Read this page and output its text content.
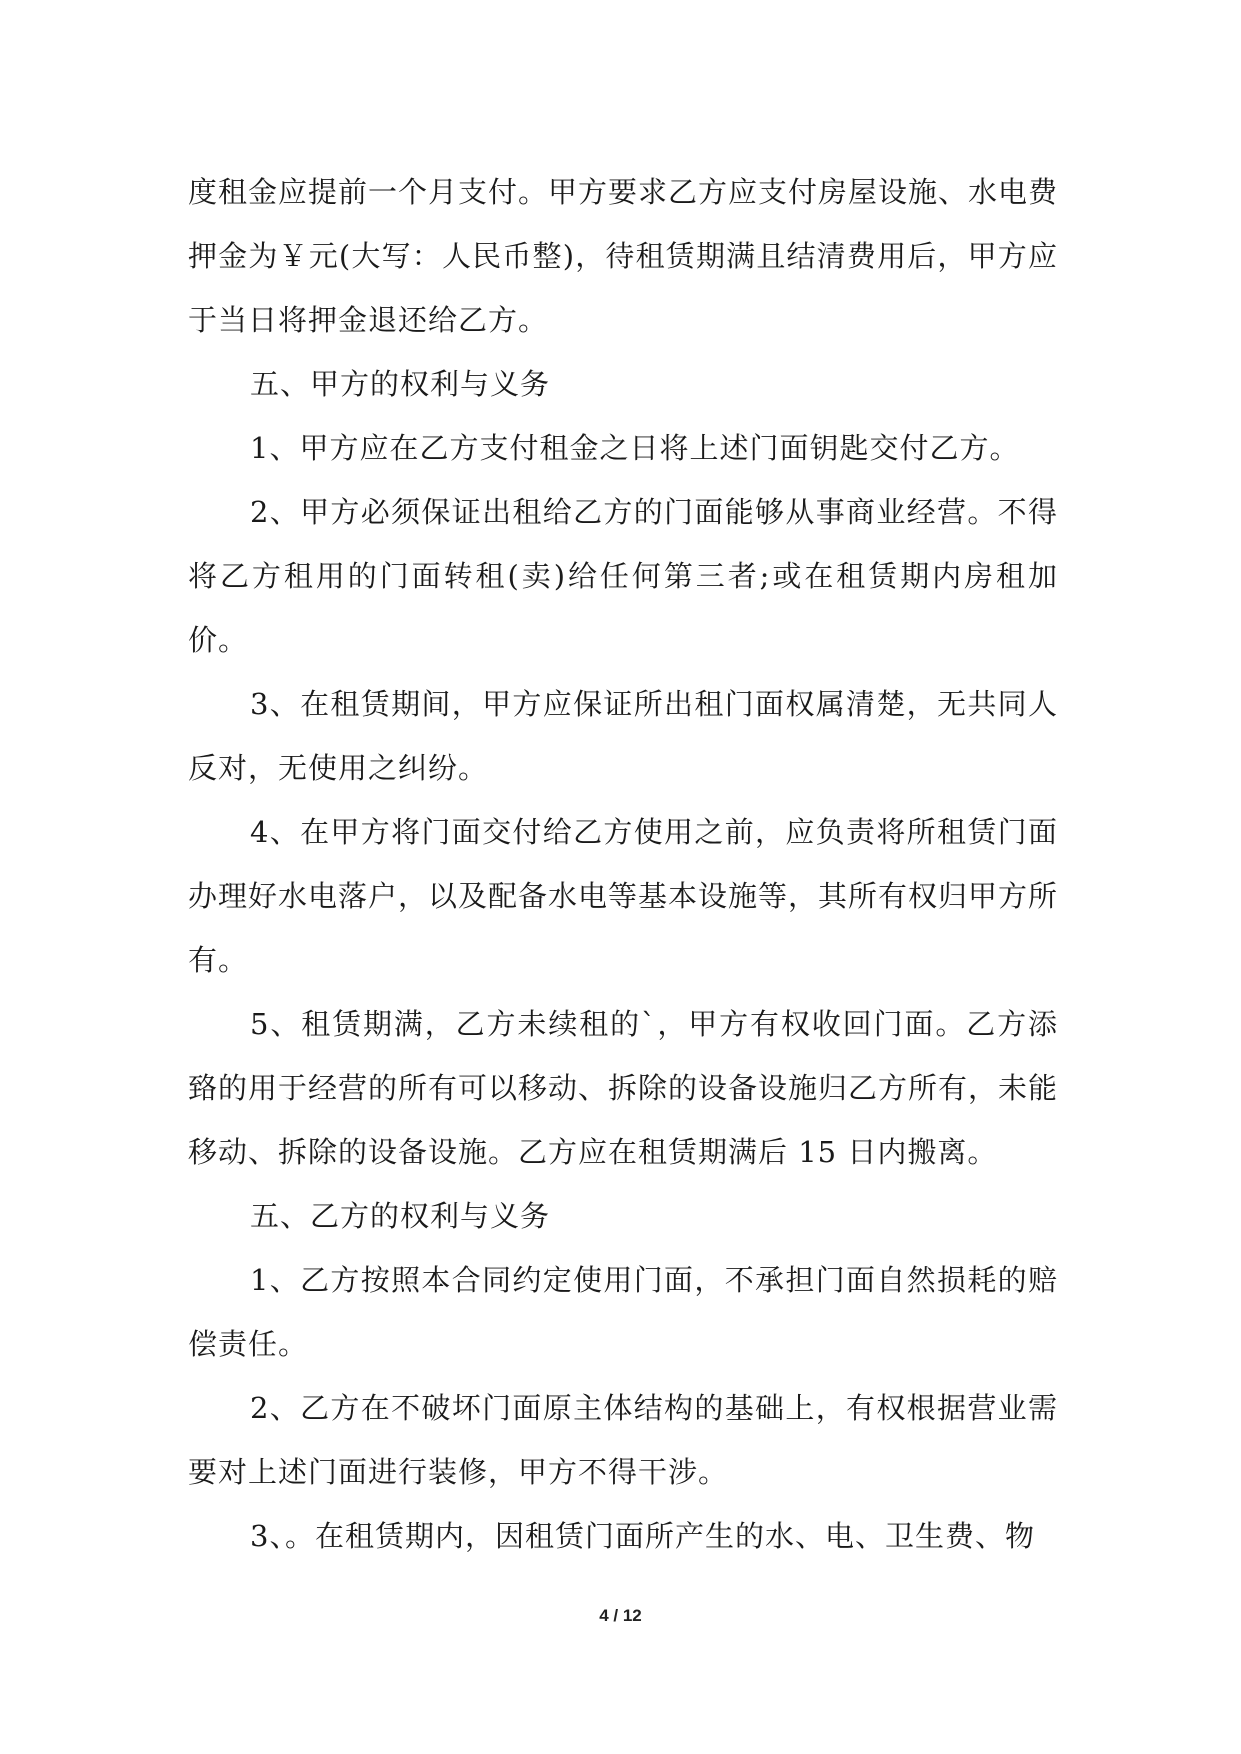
度租金应提前一个月支付。甲方要求乙方应支付房屋设施、水电费押金为￥元(大写：人民币整)，待租赁期满且结清费用后，甲方应于当日将押金退还给乙方。

五、甲方的权利与义务

1、甲方应在乙方支付租金之日将上述门面钥匙交付乙方。

2、甲方必须保证出租给乙方的门面能够从事商业经营。不得将乙方租用的门面转租(卖)给任何第三者;或在租赁期内房租加价。

3、在租赁期间，甲方应保证所出租门面权属清楚，无共同人反对，无使用之纠纷。

4、在甲方将门面交付给乙方使用之前，应负责将所租赁门面办理好水电落户，以及配备水电等基本设施等，其所有权归甲方所有。

5、租赁期满，乙方未续租的`，甲方有权收回门面。乙方添臵的用于经营的所有可以移动、拆除的设备设施归乙方所有，未能移动、拆除的设备设施。乙方应在租赁期满后 15 日内搬离。

五、乙方的权利与义务

1、乙方按照本合同约定使用门面，不承担门面自然损耗的赔偿责任。

2、乙方在不破坏门面原主体结构的基础上，有权根据营业需要对上述门面进行装修，甲方不得干涉。

3、。在租赁期内，因租赁门面所产生的水、电、卫生费、物

4 / 12
